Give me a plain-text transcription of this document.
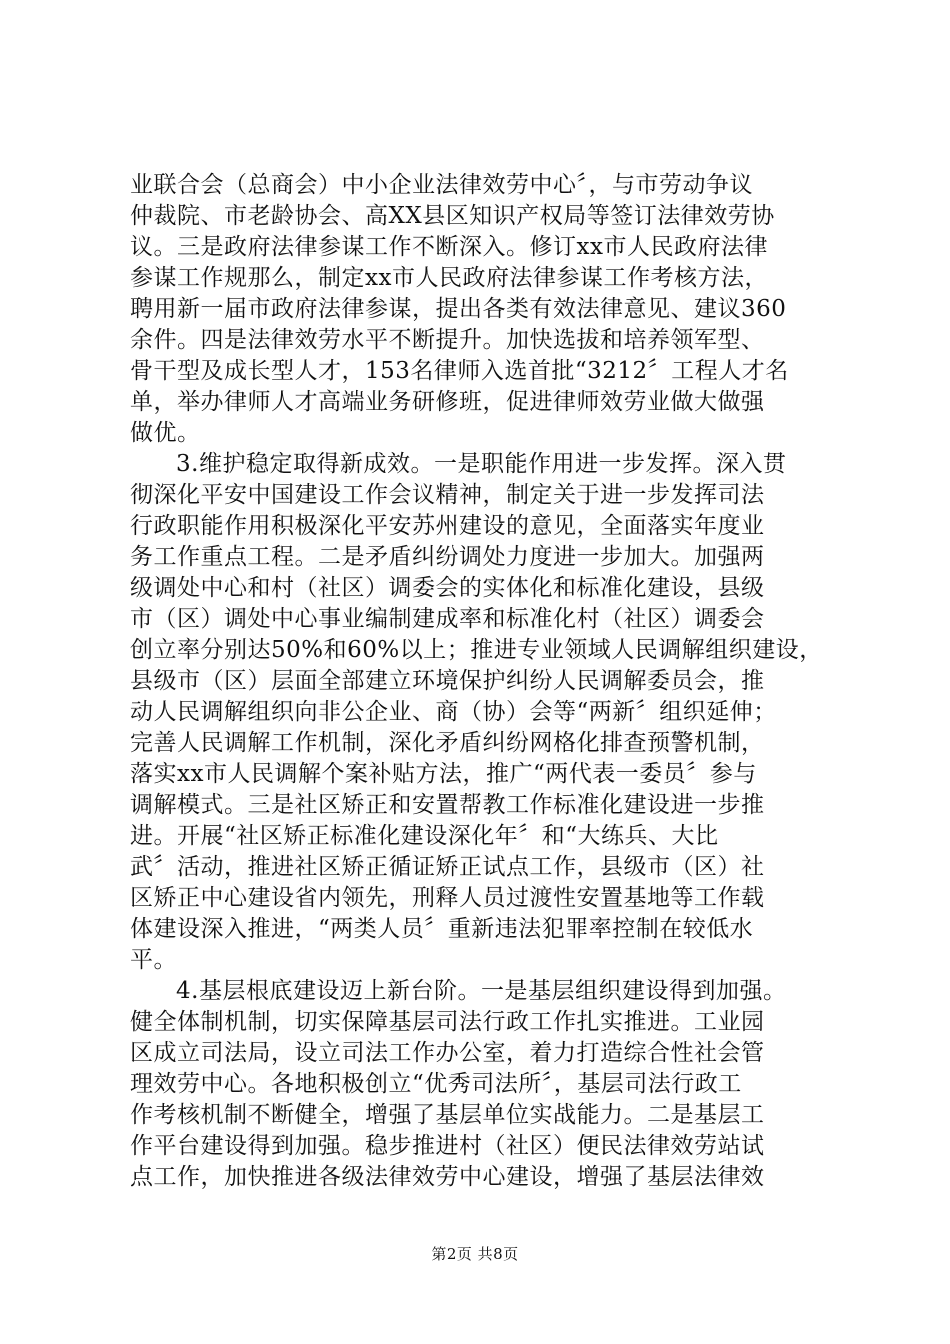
业联合会（总商会）中小企业法律效劳中心〞，与市劳动争议
仲裁院、市老龄协会、高XX县区知识产权局等签订法律效劳协
议。三是政府法律参谋工作不断深入。修订xx市人民政府法律
参谋工作规那么，制定xx市人民政府法律参谋工作考核方法，
聘用新一届市政府法律参谋，提出各类有效法律意见、建议360
余件。四是法律效劳水平不断提升。加快选拔和培养领军型、
骨干型及成长型人才，153名律师入选首批“3212〞工程人才名
单，举办律师人才高端业务研修班，促进律师效劳业做大做强
做优。
3.维护稳定取得新成效。一是职能作用进一步发挥。深入贯
彻深化平安中国建设工作会议精神，制定关于进一步发挥司法
行政职能作用积极深化平安苏州建设的意见，全面落实年度业
务工作重点工程。二是矛盾纠纷调处力度进一步加大。加强两
级调处中心和村（社区）调委会的实体化和标准化建设，县级
市（区）调处中心事业编制建成率和标准化村（社区）调委会
创立率分别达50%和60%以上；推进专业领域人民调解组织建设，
县级市（区）层面全部建立环境保护纠纷人民调解委员会，推
动人民调解组织向非公企业、商（协）会等“两新〞组织延伸；
完善人民调解工作机制，深化矛盾纠纷网格化排查预警机制，
落实xx市人民调解个案补贴方法，推广“两代表一委员〞参与
调解模式。三是社区矫正和安置帮教工作标准化建设进一步推
进。开展“社区矫正标准化建设深化年〞和“大练兵、大比
武〞活动，推进社区矫正循证矫正试点工作，县级市（区）社
区矫正中心建设省内领先，刑释人员过渡性安置基地等工作载
体建设深入推进，“两类人员〞重新违法犯罪率控制在较低水
平。
4.基层根底建设迈上新台阶。一是基层组织建设得到加强。
健全体制机制，切实保障基层司法行政工作扎实推进。工业园
区成立司法局，设立司法工作办公室，着力打造综合性社会管
理效劳中心。各地积极创立“优秀司法所〞，基层司法行政工
作考核机制不断健全，增强了基层单位实战能力。二是基层工
作平台建设得到加强。稳步推进村（社区）便民法律效劳站试
点工作，加快推进各级法律效劳中心建设，增强了基层法律效
第2页 共8页
